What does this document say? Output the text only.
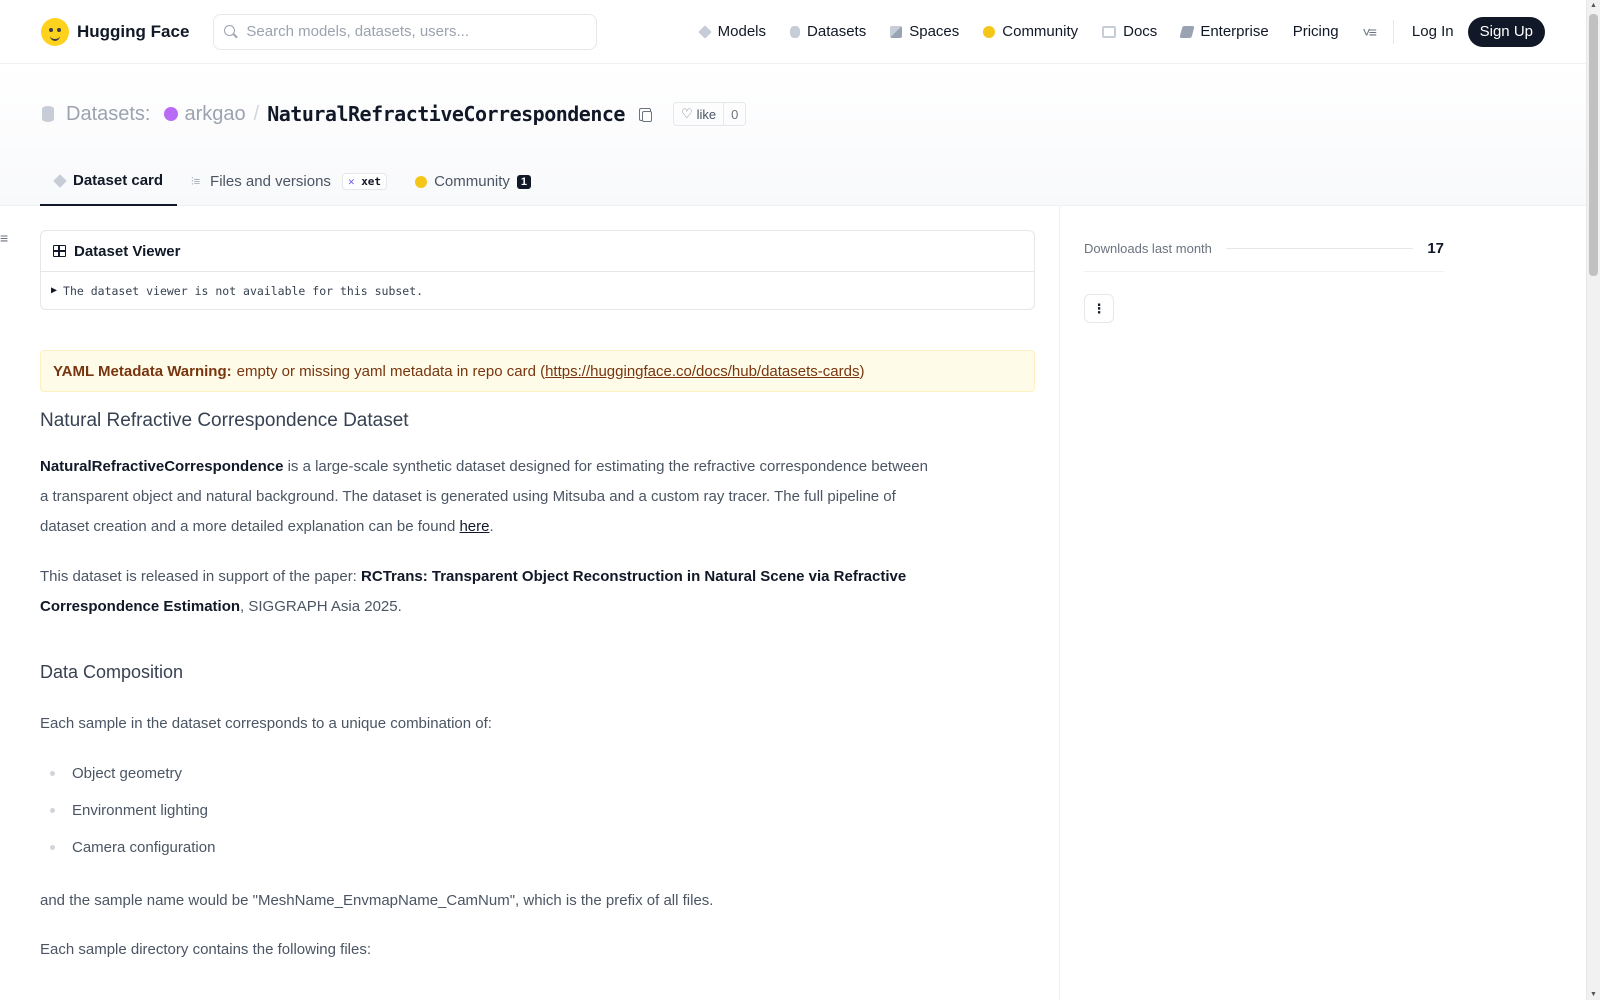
Hugging Face
Search models, datasets, users...	Models	Datasets	Spaces	Community	Docs	Enterprise Pricing ˅≡	Log In	Sign Up
Datasets: arkgao / NaturalRefractiveCorrespondence	♡ like	0
Dataset card	⫶≡ Files and versions	✕ xet	Community	1
≡
Dataset Viewer
▶ The dataset viewer is not available for this subset.
YAML Metadata Warning: empty or missing yaml metadata in repo card ( https://huggingface.co/docs/hub/datasets-cards )
Natural Refractive Correspondence Dataset

NaturalRefractiveCorrespondence is a large-scale synthetic dataset designed for estimating the refractive correspondence between a transparent object and natural background. The dataset is generated using Mitsuba and a custom ray tracer. The full pipeline of dataset creation and a more detailed explanation can be found here.

This dataset is released in support of the paper: RCTrans: Transparent Object Reconstruction in Natural Scene via Refractive Correspondence Estimation, SIGGRAPH Asia 2025.

Data Composition

Each sample in the dataset corresponds to a unique combination of:

Object geometry
Environment lighting
Camera configuration

and the sample name would be "MeshName_EnvmapName_CamNum", which is the prefix of all files.

Each sample directory contains the following files:

Downloads last month	17
⋮
▲
▼
